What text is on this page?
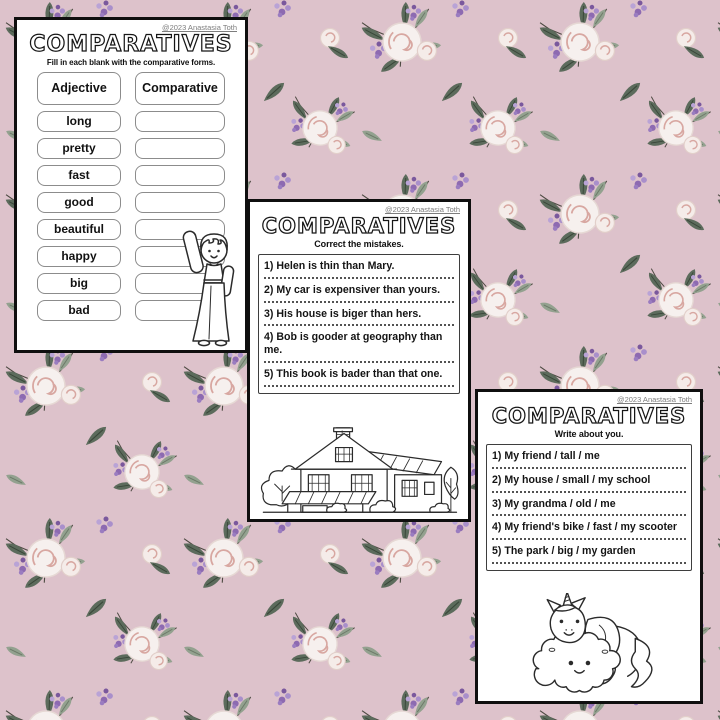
@2023 Anastasia Toth
COMPARATIVES
Fill in each blank with the comparative forms.
Adjective	Comparative
long
pretty
fast
good
beautiful
happy
big
bad
@2023 Anastasia Toth
COMPARATIVES
Correct the mistakes.
1) Helen is thin than Mary.
2) My car is expensiver than yours.
3) His house is biger than hers.
4) Bob is gooder at geography than me.
5) This book is bader than that one.
@2023 Anastasia Toth
COMPARATIVES
Write about you.
1) My friend / tall / me
2) My house / small / my school
3) My grandma / old / me
4) My friend's bike / fast / my scooter
5) The park / big / my garden
